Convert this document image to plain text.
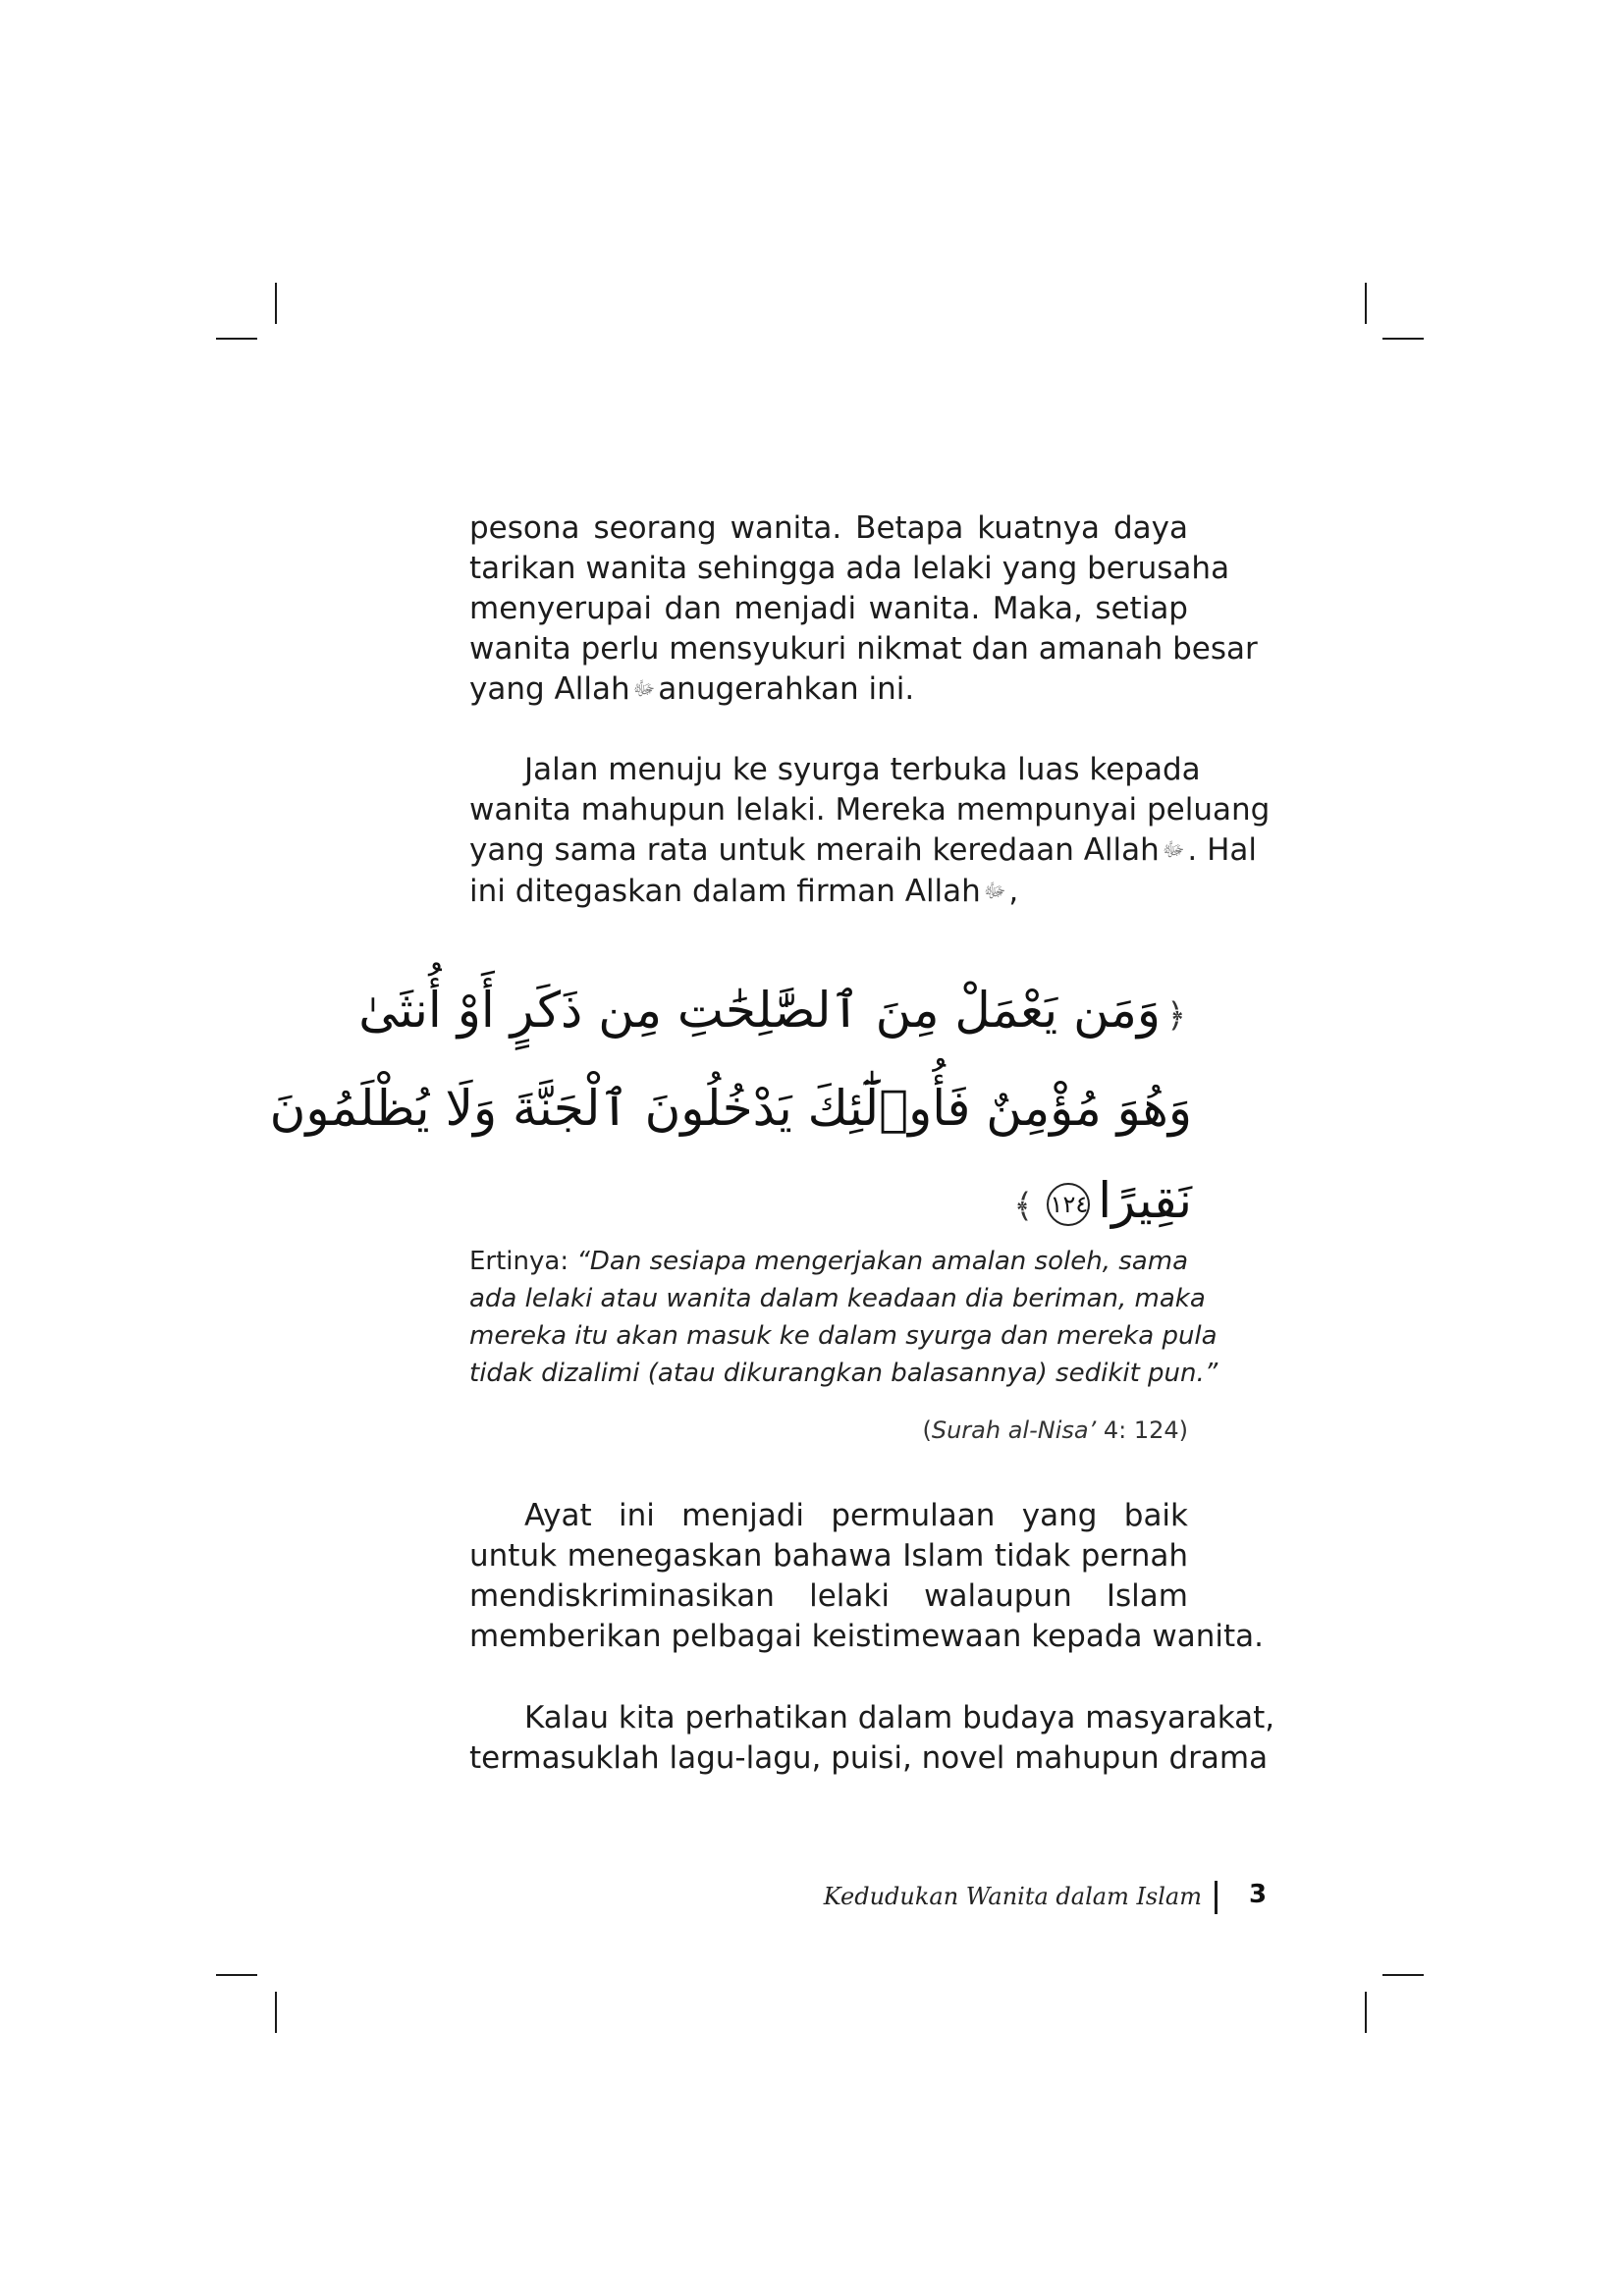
pesona seorang wanita. Betapa kuatnya daya
tarikan wanita sehingga ada lelaki yang berusaha
menyerupai dan menjadi wanita. Maka, setiap
wanita perlu mensyukuri nikmat dan amanah besar
yang Allah ﷻanugerahkan ini.

Jalan menuju ke syurga terbuka luas kepada
wanita mahupun lelaki. Mereka mempunyai peluang
yang sama rata untuk meraih keredaan Allah ﷻ. Hal
ini ditegaskan dalam firman Allah ﷻ,

﴿وَمَن يَعْمَلْ مِنَ ٱلصَّٰلِحَٰتِ مِن ذَكَرٍ أَوْ أُنثَىٰ
وَهُوَ مُؤْمِنٌ فَأُو۟لَٰٓئِكَ يَدْخُلُونَ ٱلْجَنَّةَ وَلَا يُظْلَمُونَ
نَقِيرًا١٢٤﴾
Ertinya: “Dan sesiapa mengerjakan amalan soleh, sama
ada lelaki atau wanita dalam keadaan dia beriman, maka
mereka itu akan masuk ke dalam syurga dan mereka pula
tidak dizalimi (atau dikurangkan balasannya) sedikit pun.”
(Surah al-Nisa’ 4: 124)

Ayat ini menjadi permulaan yang baik
untuk menegaskan bahawa Islam tidak pernah
mendiskriminasikan lelaki walaupun Islam
memberikan pelbagai keistimewaan kepada wanita.

Kalau kita perhatikan dalam budaya masyarakat,
termasuklah lagu-lagu, puisi, novel mahupun drama

Kedudukan Wanita dalam Islam 3
